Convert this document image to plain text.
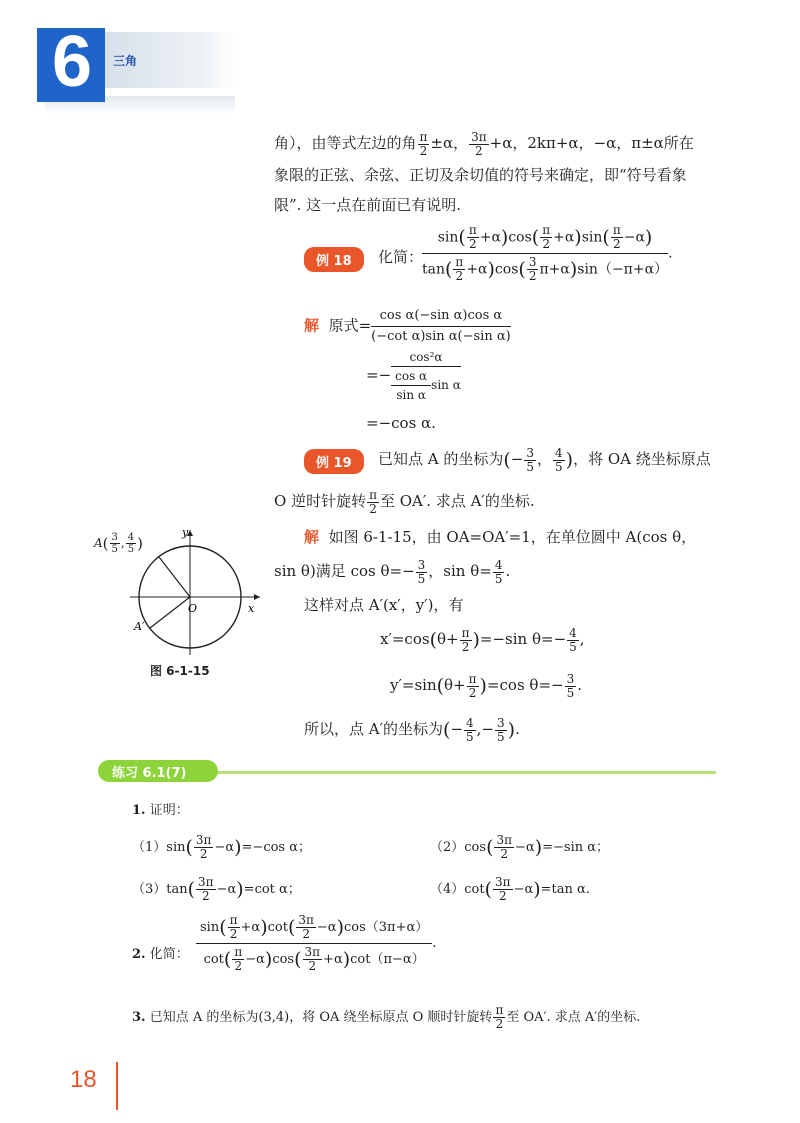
6 三角
角），由等式左边的角 $\frac{\pi}{2} \pm\alpha$， $\frac{3\pi}{2} +\alpha$，2kπ+α，−α，π±α所在
象限的正弦、余弦、正切及余切值的符号来确定，即“符号看象
限”. 这一点在前面已有说明.
例 18	化简：
$\frac{\sin( \frac{\pi}{2} +\alpha)\cos( \frac{\pi}{2} +\alpha)\sin( \frac{\pi}{2} -\alpha)}{\tan( \frac{\pi}{2} +\alpha)\cos( \frac{3}{2} \pi+\alpha)\sin(-\pi+\alpha)}$ .
解 原式= $\frac{\text{cos α(−sin α)cos α}}{\text{(−cot α)sin α(−sin α)}}$
=− $\frac{\text{cos²α}}{\frac{\text{cos α}}{\text{sin α}} \sin \alpha}$
=−cos α.
例 19	已知点 A 的坐标为(− $\frac{3}{5}$ ， $\frac{4}{5}$ )，将 OA 绕坐标原点
O 逆时针旋转 $\frac{\pi}{2}$ 至 OA′. 求点 A′的坐标.
解 如图 6-1-15，由 OA=OA′=1，在单位圆中 A(cos θ，
sin θ)满足 $\cos \theta=- \frac{3}{5}$ ，$\sin \theta= \frac{4}{5}$ .
这样对点 A′(x′，y′)，有
$x'=\cos(\theta+ \frac{\pi}{2} )=-\sin$ $\theta=- \frac{4}{5}$ ,
$y'=\sin(\theta+ \frac{\pi}{2} )=\cos$ $\theta=- \frac{3}{5}$ .
所以，点 A′的坐标为(− $\frac{4}{5}$ ,− $\frac{3}{5}$ ).
O	x
y
A′
$A( \frac{3}{5}$ , $\frac{4}{5}$ )
图 6-1-15
练习 6.1(7)
1. 证明：
$(1)\sin( \frac{3\pi}{2} -\alpha)=-\cos$ α；	$(2)\cos( \frac{3\pi}{2} -\alpha)=-\sin$ α；
$(3)\tan( \frac{3\pi}{2} -\alpha)=\cot$ α；	$(4)\cot( \frac{3\pi}{2} -\alpha)=\tan$ α.
2. 化简： $\frac{\sin( \frac{\pi}{2} +\alpha)\cot( \frac{3\pi}{2} -\alpha)\cos(3\pi+\alpha)}{\cot( \frac{\pi}{2} -\alpha)\cos( \frac{3\pi}{2} +\alpha)\cot(\pi-\alpha)}$ .
3. 已知点 A 的坐标为(3,4)，将 OA 绕坐标原点 O 顺时针旋转 $\frac{\pi}{2}$ 至 OA′. 求点 A′的坐标.
18
